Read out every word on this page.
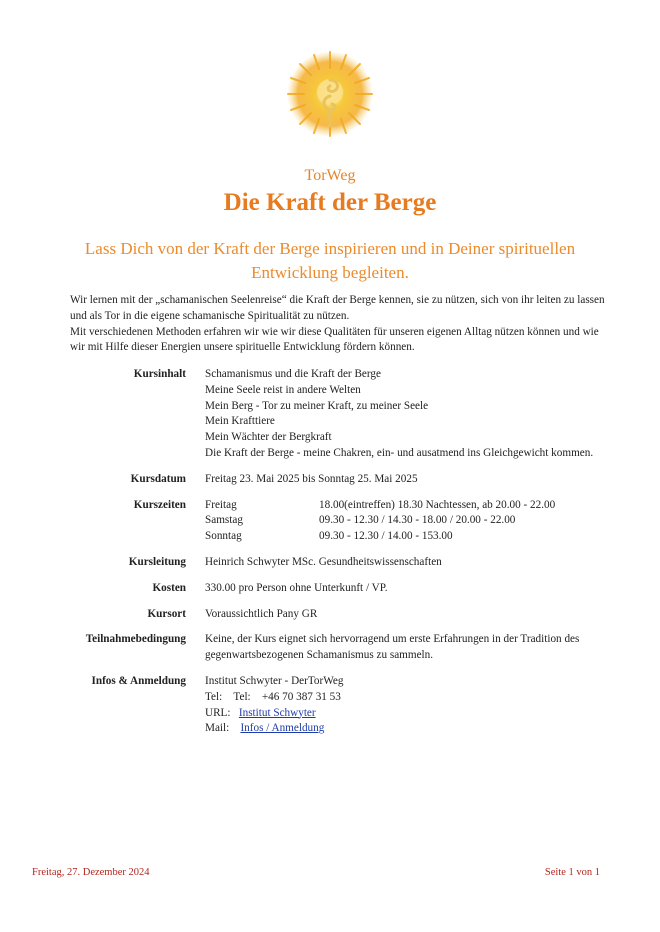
TorWeg
Die Kraft der Berge
Lass Dich von der Kraft der Berge inspirieren und in Deiner spirituellen Entwicklung begleiten.

Wir lernen mit der „schamanischen Seelenreise“ die Kraft der Berge kennen, sie zu nützen, sich von ihr leiten zu lassen und als Tor in die eigene schamanische Spiritualität zu nützen.

Mit verschiedenen Methoden erfahren wir wie wir diese Qualitäten für unseren eigenen Alltag nützen können und wie wir mit Hilfe dieser Energien unsere spirituelle Entwicklung fördern können.

Kursinhalt	Schamanismus und die Kraft der Berge
Meine Seele reist in andere Welten
Mein Berg - Tor zu meiner Kraft, zu meiner Seele
Mein Krafttiere
Mein Wächter der Bergkraft
Die Kraft der Berge - meine Chakren, ein- und ausatmend ins Gleichgewicht kommen.
Kursdatum	Freitag 23. Mai 2025 bis Sonntag 25. Mai 2025
Kurszeiten	Freitag	18.00(eintreffen) 18.30 Nachtessen, ab 20.00 - 22.00
Samstag	09.30 - 12.30 / 14.30 - 18.00 / 20.00 - 22.00
Sonntag	09.30 - 12.30 / 14.00 - 153.00
Kursleitung	Heinrich Schwyter MSc. Gesundheitswissenschaften
Kosten	330.00 pro Person ohne Unterkunft / VP.
Kursort	Voraussichtlich Pany GR
Teilnahmebedingung	Keine, der Kurs eignet sich hervorragend um erste Erfahrungen in der Tradition des gegenwartsbezogenen Schamanismus zu sammeln.
Infos & Anmeldung	Institut Schwyter - DerTorWeg
Tel: Tel: +46 70 387 31 53
URL: Institut Schwyter
Mail: Infos / Anmeldung
Freitag, 27. Dezember 2024	Seite 1 von 1
